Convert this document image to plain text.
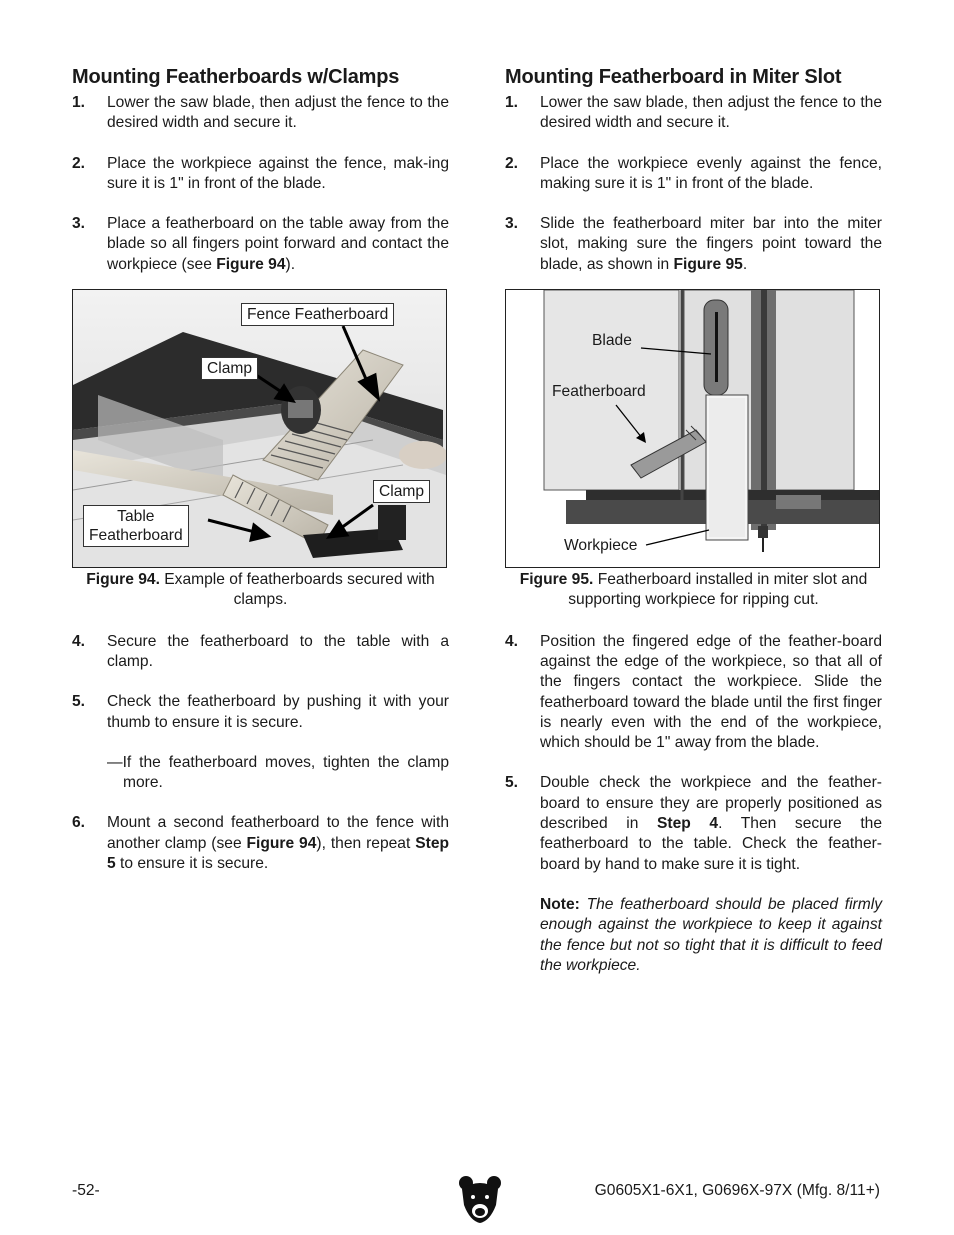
Mounting Featherboards w/Clamps
1.	Lower the saw blade, then adjust the fence to the desired width and secure it.
2.	Place the workpiece against the fence, mak-ing sure it is 1" in front of the blade.
3.	Place a featherboard on the table away from the blade so all fingers point forward and contact the workpiece (see Figure 94).
Fence Featherboard
Clamp
Clamp
Table
Featherboard
Figure 94. Example of featherboards secured with clamps.
4.	Secure the featherboard to the table with a clamp.
5.	Check the featherboard by pushing it with your thumb to ensure it is secure.
—If the featherboard moves, tighten the clamp more.
6.	Mount a second featherboard to the fence with another clamp (see Figure 94), then repeat Step 5 to ensure it is secure.
Mounting Featherboard in Miter Slot
1.	Lower the saw blade, then adjust the fence to the desired width and secure it.
2.	Place the workpiece evenly against the fence, making sure it is 1" in front of the blade.
3.	Slide the featherboard miter bar into the miter slot, making sure the fingers point toward the blade, as shown in Figure 95.
Blade
Featherboard
Workpiece
Figure 95. Featherboard installed in miter slot and supporting workpiece for ripping cut.
4.	Position the fingered edge of the feather-board against the edge of the workpiece, so that all of the fingers contact the workpiece. Slide the featherboard toward the blade until the first finger is nearly even with the end of the workpiece, which should be 1" away from the blade.
5.	Double check the workpiece and the feather-board to ensure they are properly positioned as described in Step 4. Then secure the featherboard to the table. Check the feather-board by hand to make sure it is tight.
Note: The featherboard should be placed firmly enough against the workpiece to keep it against the fence but not so tight that it is difficult to feed the workpiece.
-52-	G0605X1-6X1, G0696X-97X (Mfg. 8/11+)
